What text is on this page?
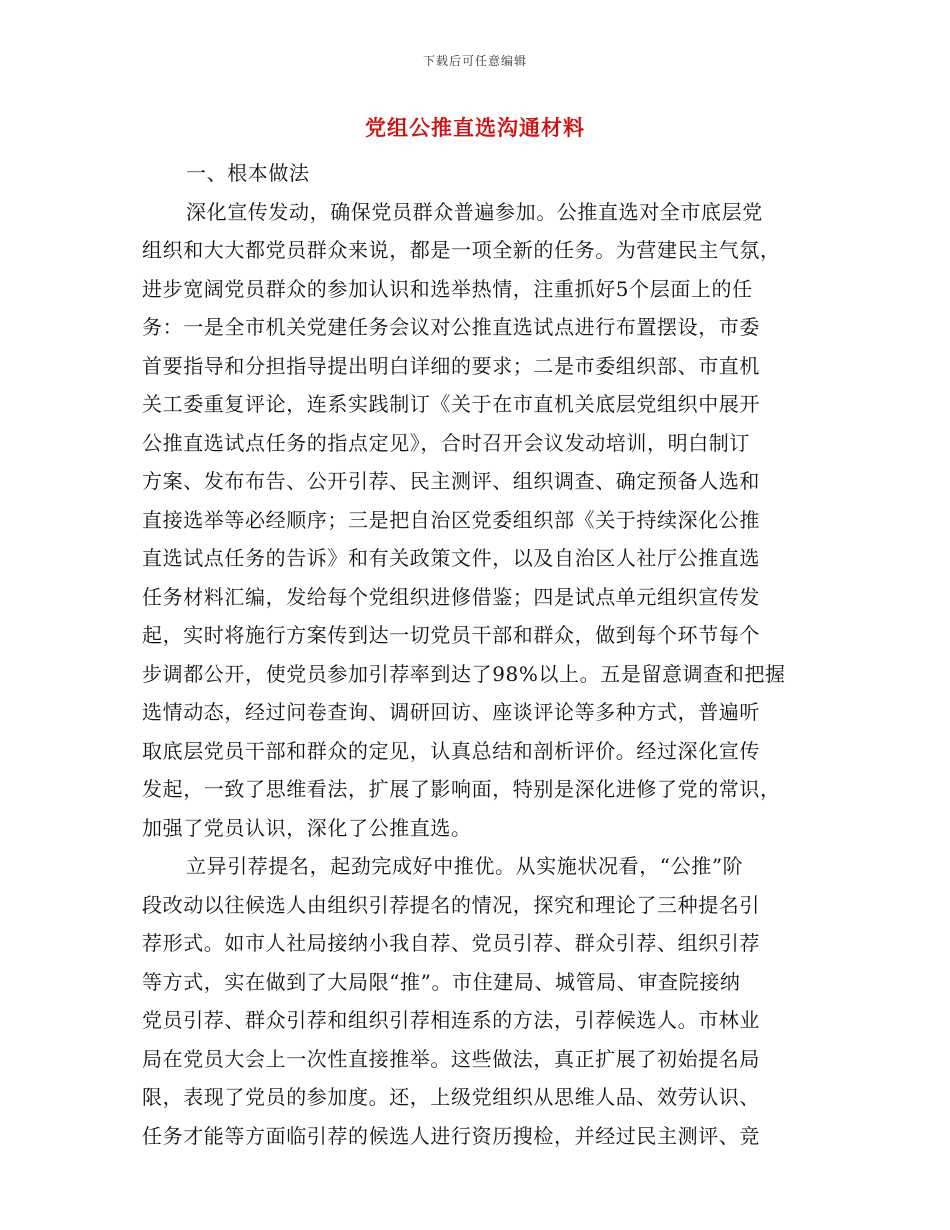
下载后可任意编辑
党组公推直选沟通材料
一、根本做法
深化宣传发动，确保党员群众普遍参加。公推直选对全市底层党
组织和大大都党员群众来说，都是一项全新的任务。为营建民主气氛，
进步宽阔党员群众的参加认识和选举热情，注重抓好5个层面上的任
务：一是全市机关党建任务会议对公推直选试点进行布置摆设，市委
首要指导和分担指导提出明白详细的要求；二是市委组织部、市直机
关工委重复评论，连系实践制订《关于在市直机关底层党组织中展开
公推直选试点任务的指点定见》，合时召开会议发动培训，明白制订
方案、发布布告、公开引荐、民主测评、组织调查、确定预备人选和
直接选举等必经顺序；三是把自治区党委组织部《关于持续深化公推
直选试点任务的告诉》和有关政策文件，以及自治区人社厅公推直选
任务材料汇编，发给每个党组织进修借鉴；四是试点单元组织宣传发
起，实时将施行方案传到达一切党员干部和群众，做到每个环节每个
步调都公开，使党员参加引荐率到达了98%以上。五是留意调查和把握
选情动态，经过问卷查询、调研回访、座谈评论等多种方式，普遍听
取底层党员干部和群众的定见，认真总结和剖析评价。经过深化宣传
发起，一致了思维看法，扩展了影响面，特别是深化进修了党的常识，
加强了党员认识，深化了公推直选。
立异引荐提名，起劲完成好中推优。从实施状况看，“公推”阶
段改动以往候选人由组织引荐提名的情况，探究和理论了三种提名引
荐形式。如市人社局接纳小我自荐、党员引荐、群众引荐、组织引荐
等方式，实在做到了大局限“推”。市住建局、城管局、审查院接纳
党员引荐、群众引荐和组织引荐相连系的方法，引荐候选人。市林业
局在党员大会上一次性直接推举。这些做法，真正扩展了初始提名局
限，表现了党员的参加度。还，上级党组织从思维人品、效劳认识、
任务才能等方面临引荐的候选人进行资历搜检，并经过民主测评、竞
